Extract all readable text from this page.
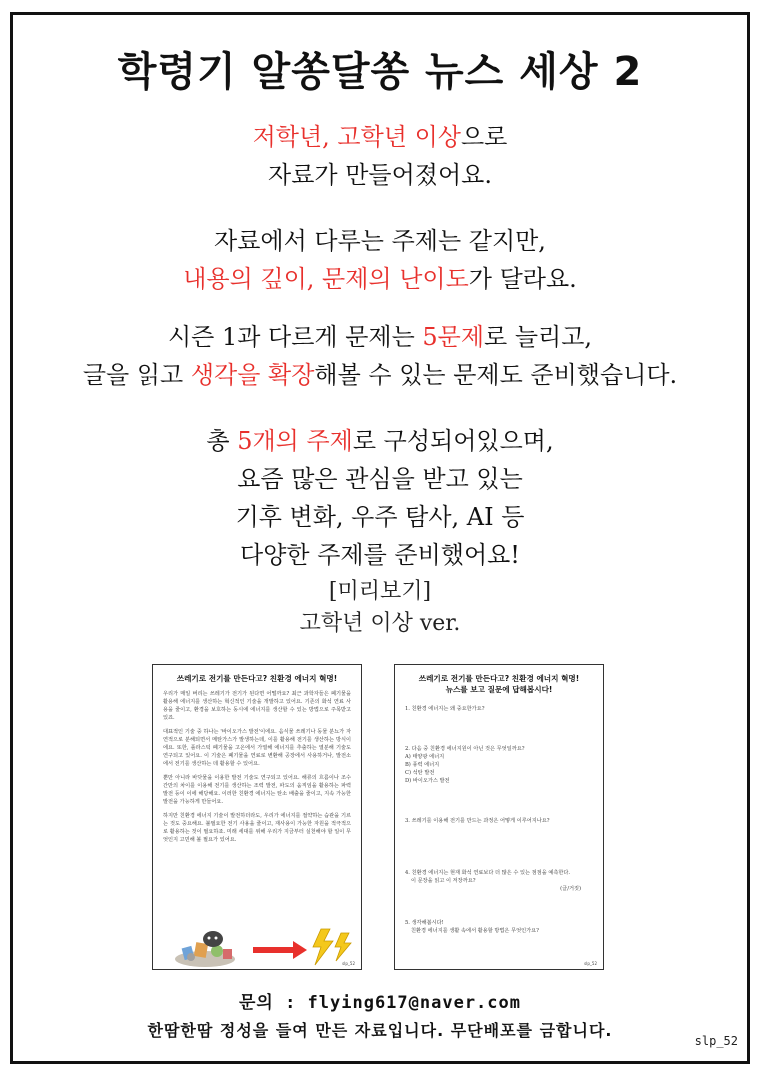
학령기 알쏭달쏭 뉴스 세상 2
저학년, 고학년 이상으로
자료가 만들어졌어요.
자료에서 다루는 주제는 같지만,
내용의 깊이, 문제의 난이도가 달라요.
시즌 1과 다르게 문제는 5문제로 늘리고,
글을 읽고 생각을 확장해볼 수 있는 문제도 준비했습니다.
총 5개의 주제로 구성되어있으며,
요즘 많은 관심을 받고 있는
기후 변화, 우주 탐사, AI 등
다양한 주제를 준비했어요!
[미리보기]
고학년 이상 ver.
쓰레기로 전기를 만든다고? 친환경 에너지 혁명!

우리가 매일 버리는 쓰레기가 전기가 된다면 어떨까요? 최근 과학자들은 폐기물을 활용해 에너지를 생산하는 혁신적인 기술을 개발하고 있어요. 기존의 화석 연료 사용을 줄이고, 환경을 보호하는 동시에 에너지를 생산할 수 있는 방법으로 주목받고 있죠.

대표적인 기술 중 하나는 '바이오가스 발전'이에요. 음식물 쓰레기나 동물 분뇨가 자연적으로 분해되면서 메탄가스가 발생하는데, 이를 활용해 전기를 생산하는 방식이에요. 또한, 플라스틱 폐기물을 고온에서 가열해 에너지를 추출하는 열분해 기술도 연구되고 있어요. 이 기술은 폐기물을 연료로 변환해 공장에서 사용하거나, 발전소에서 전기를 생산하는 데 활용할 수 있어요.

뿐만 아니라 바닷물을 이용한 발전 기술도 연구되고 있어요. 해류의 흐름이나 조수 간만의 차이를 이용해 전기를 생산하는 조력 발전, 파도의 움직임을 활용하는 파력 발전 등이 이에 해당해요. 이러한 친환경 에너지는 탄소 배출을 줄이고, 지속 가능한 발전을 가능하게 만들어요.

하지만 친환경 에너지 기술이 발전하더라도, 우리가 에너지를 절약하는 습관을 기르는 것도 중요해요. 불필요한 전기 사용을 줄이고, 재사용이 가능한 자원을 적극적으로 활용하는 것이 필요하죠. 미래 세대를 위해 우리가 지금부터 실천해야 할 일이 무엇인지 고민해 볼 필요가 있어요.

slp_52
쓰레기로 전기를 만든다고? 친환경 에너지 혁명!
뉴스를 보고 질문에 답해봅시다!
1. 친환경 에너지는 왜 중요한가요?
2. 다음 중 친환경 에너지원이 아닌 것은 무엇일까요?
A) 태양광 에너지
B) 풍력 에너지
C) 석탄 발전
D) 바이오가스 발전
3. 쓰레기를 이용해 전기를 만드는 과정은 어떻게 이루어지나요?
4. 친환경 에너지는 현재 화석 연료보다 더 많은 수 있는 점점을 예측한다.
이 문장을 읽고 이 저장까요?
(글/거짓)
5. 생각해봅시다!
친환경 에너지를 생활 속에서 활용할 방법은 무엇인가요?
slp_52
문의 : flying617@naver.com
한땀한땀 정성을 들여 만든 자료입니다. 무단배포를 금합니다.
slp_52
